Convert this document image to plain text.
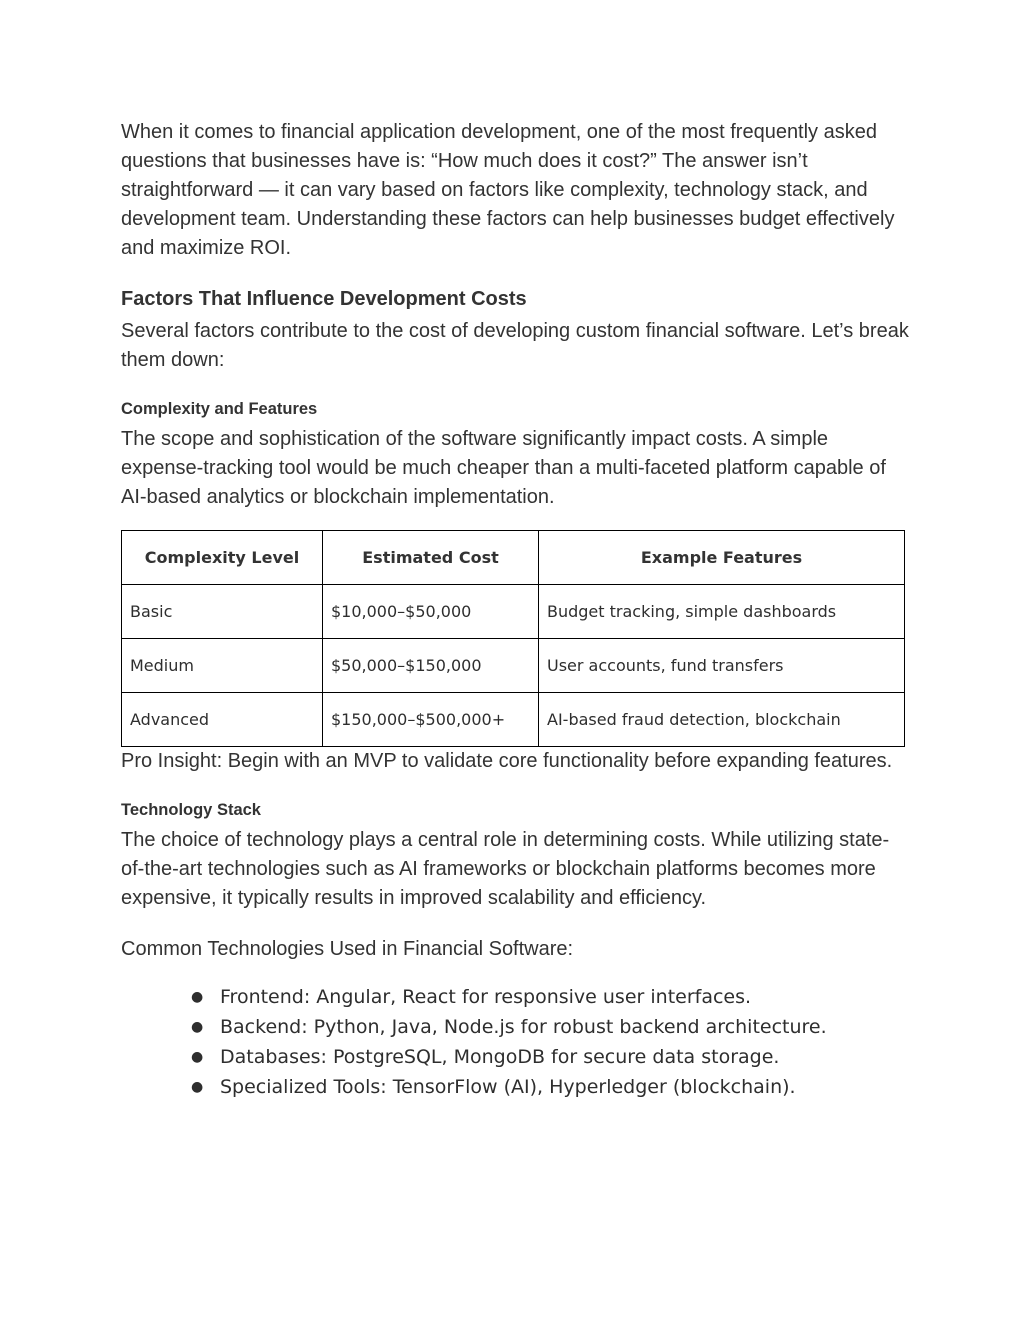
When it comes to financial application development, one of the most frequently asked questions that businesses have is: “How much does it cost?” The answer isn’t straightforward — it can vary based on factors like complexity, technology stack, and development team. Understanding these factors can help businesses budget effectively and maximize ROI.

Factors That Influence Development Costs

Several factors contribute to the cost of developing custom financial software. Let’s break them down:

Complexity and Features

The scope and sophistication of the software significantly impact costs. A simple expense-tracking tool would be much cheaper than a multi-faceted platform capable of AI-based analytics or blockchain implementation.

Complexity Level	Estimated Cost	Example Features
Basic	$10,000–$50,000	Budget tracking, simple dashboards
Medium	$50,000–$150,000	User accounts, fund transfers
Advanced	$150,000–$500,000+	AI-based fraud detection, blockchain

Pro Insight: Begin with an MVP to validate core functionality before expanding features.

Technology Stack

The choice of technology plays a central role in determining costs. While utilizing state-of-the-art technologies such as AI frameworks or blockchain platforms becomes more expensive, it typically results in improved scalability and efficiency.

Common Technologies Used in Financial Software:

● Frontend: Angular, React for responsive user interfaces.
● Backend: Python, Java, Node.js for robust backend architecture.
● Databases: PostgreSQL, MongoDB for secure data storage.
● Specialized Tools: TensorFlow (AI), Hyperledger (blockchain).
